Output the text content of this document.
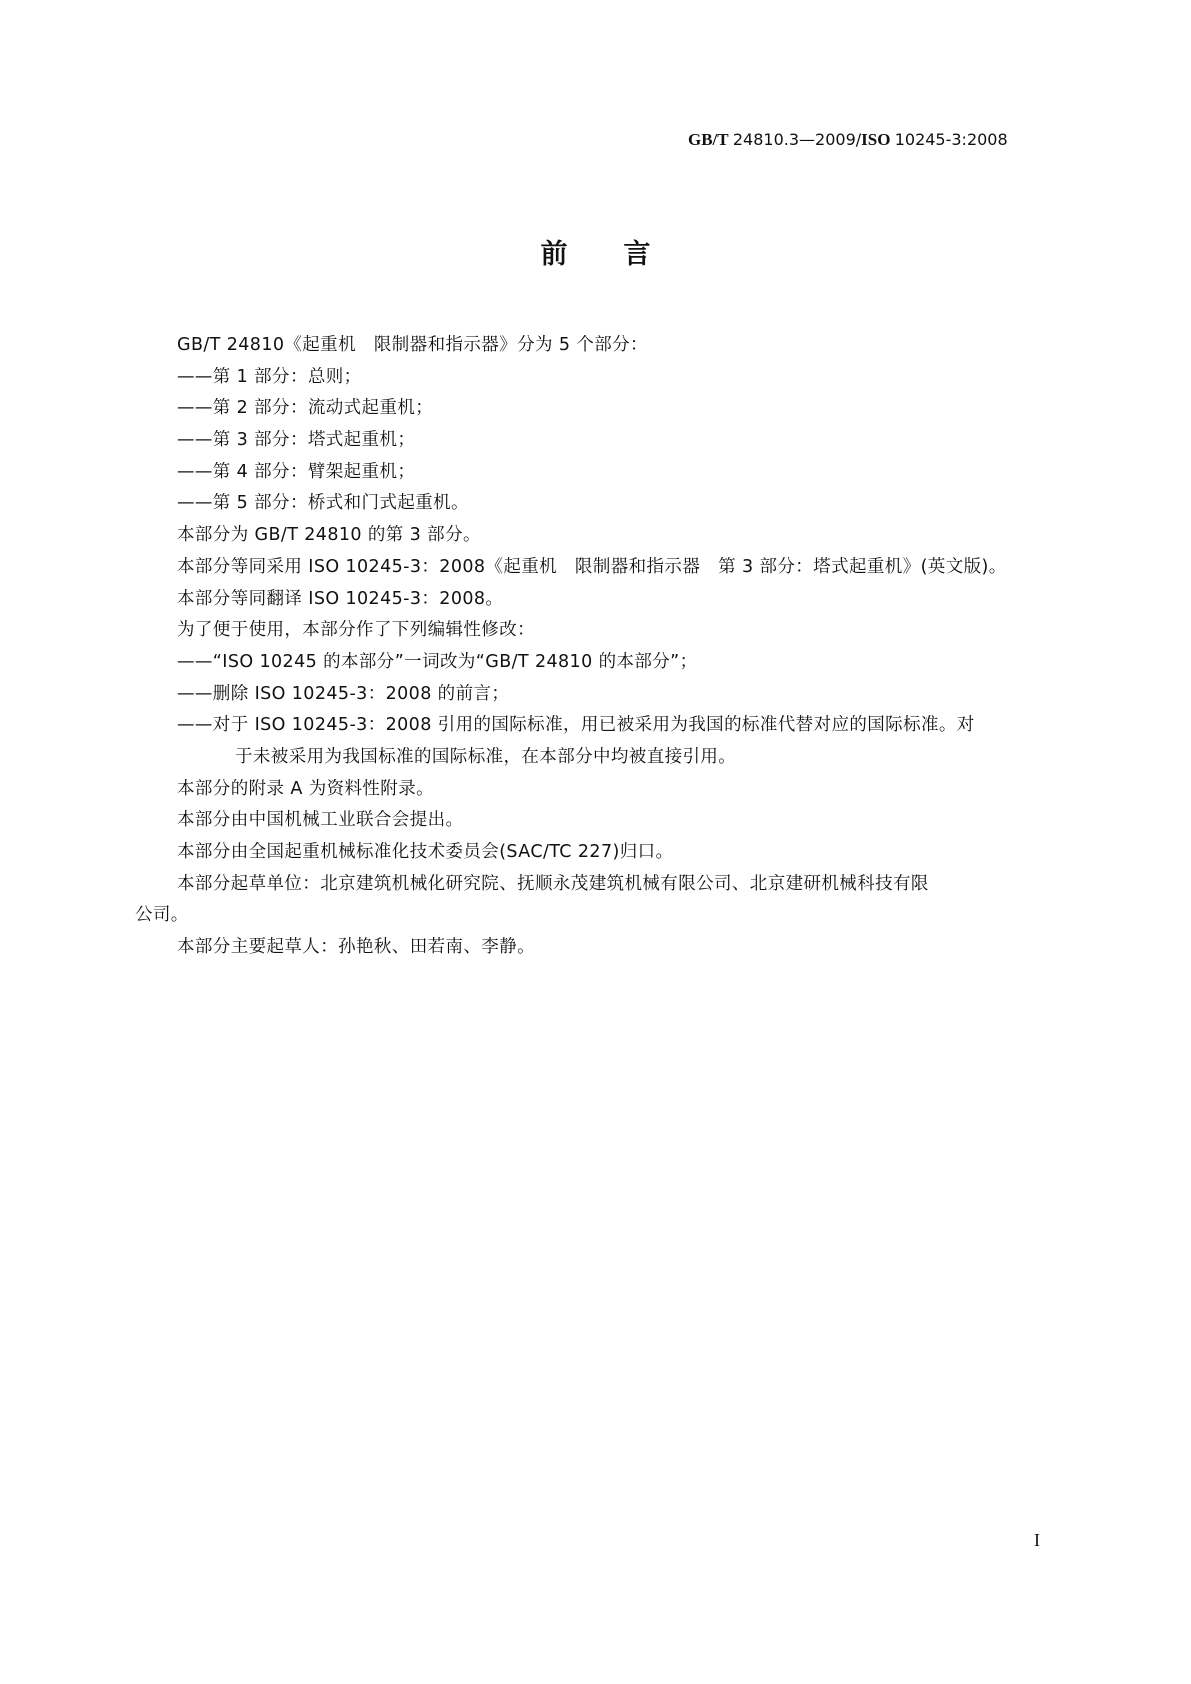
GB/T 24810.3—2009/ISO 10245-3:2008
前言
GB/T 24810《起重机　限制器和指示器》分为 5 个部分：
——第 1 部分：总则；
——第 2 部分：流动式起重机；
——第 3 部分：塔式起重机；
——第 4 部分：臂架起重机；
——第 5 部分：桥式和门式起重机。
本部分为 GB/T 24810 的第 3 部分。
本部分等同采用 ISO 10245-3：2008《起重机　限制器和指示器　第 3 部分：塔式起重机》(英文版)。
本部分等同翻译 ISO 10245-3：2008。
为了便于使用，本部分作了下列编辑性修改：
——“ISO 10245 的本部分”一词改为“GB/T 24810 的本部分”；
——删除 ISO 10245-3：2008 的前言；
——对于 ISO 10245-3：2008 引用的国际标准，用已被采用为我国的标准代替对应的国际标准。对
于未被采用为我国标准的国际标准，在本部分中均被直接引用。
本部分的附录 A 为资料性附录。
本部分由中国机械工业联合会提出。
本部分由全国起重机械标准化技术委员会(SAC/TC 227)归口。
本部分起草单位：北京建筑机械化研究院、抚顺永茂建筑机械有限公司、北京建研机械科技有限
公司。
本部分主要起草人：孙艳秋、田若南、李静。
I
